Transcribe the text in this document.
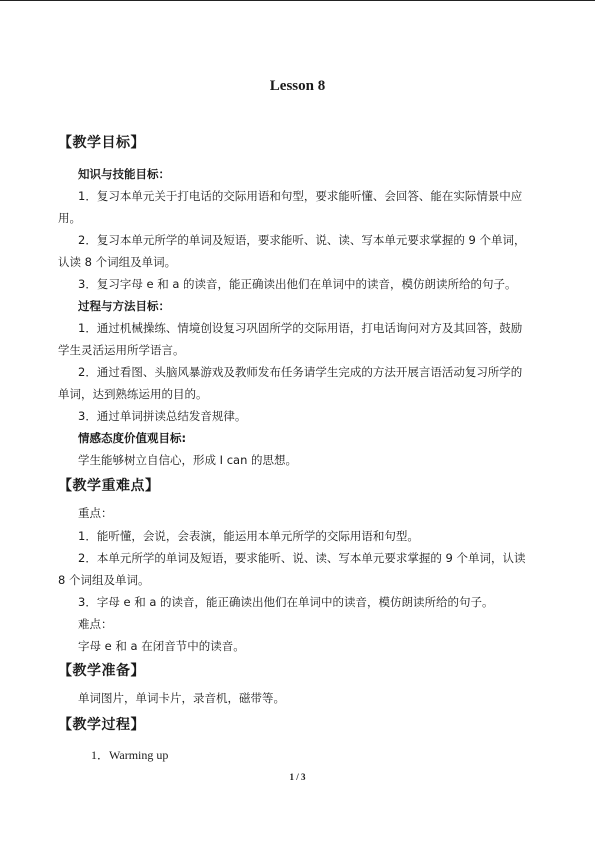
Lesson 8
【教学目标】
知识与技能目标：
1．复习本单元关于打电话的交际用语和句型，要求能听懂、会回答、能在实际情景中应
用。
2．复习本单元所学的单词及短语，要求能听、说、读、写本单元要求掌握的 9 个单词，
认读 8 个词组及单词。
3．复习字母 e 和 a 的读音，能正确读出他们在单词中的读音，模仿朗读所给的句子。
过程与方法目标：
1．通过机械操练、情境创设复习巩固所学的交际用语，打电话询问对方及其回答，鼓励
学生灵活运用所学语言。
2．通过看图、头脑风暴游戏及教师发布任务请学生完成的方法开展言语活动复习所学的
单词，达到熟练运用的目的。
3．通过单词拼读总结发音规律。
情感态度价值观目标:
学生能够树立自信心，形成 I can 的思想。
【教学重难点】
重点：
1．能听懂，会说，会表演，能运用本单元所学的交际用语和句型。
2．本单元所学的单词及短语，要求能听、说、读、写本单元要求掌握的 9 个单词，认读
8 个词组及单词。
3．字母 e 和 a 的读音，能正确读出他们在单词中的读音，模仿朗读所给的句子。
难点：
字母 e 和 a 在闭音节中的读音。
【教学准备】
单词图片，单词卡片，录音机，磁带等。
【教学过程】
1．Warming up
1 / 3
